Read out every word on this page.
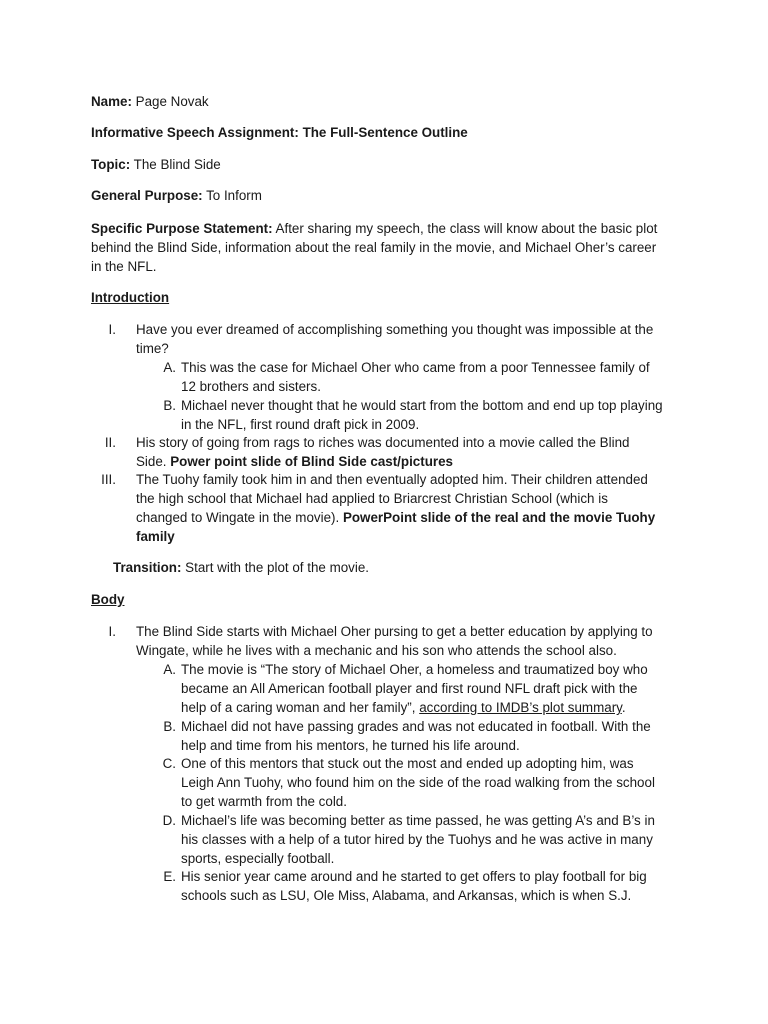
Name: Page Novak
Informative Speech Assignment: The Full-Sentence Outline
Topic: The Blind Side
General Purpose: To Inform
Specific Purpose Statement: After sharing my speech, the class will know about the basic plot
behind the Blind Side, information about the real family in the movie, and Michael Oher’s career
in the NFL.
Introduction
I. Have you ever dreamed of accomplishing something you thought was impossible at the
time?
A. This was the case for Michael Oher who came from a poor Tennessee family of
12 brothers and sisters.
B. Michael never thought that he would start from the bottom and end up top playing
in the NFL, first round draft pick in 2009.
II. His story of going from rags to riches was documented into a movie called the Blind
Side. Power point slide of Blind Side cast/pictures
III. The Tuohy family took him in and then eventually adopted him. Their children attended
the high school that Michael had applied to Briarcrest Christian School (which is
changed to Wingate in the movie). PowerPoint slide of the real and the movie Tuohy
family
Transition: Start with the plot of the movie.
Body
I. The Blind Side starts with Michael Oher pursing to get a better education by applying to
Wingate, while he lives with a mechanic and his son who attends the school also.
A. The movie is “The story of Michael Oher, a homeless and traumatized boy who
became an All American football player and first round NFL draft pick with the
help of a caring woman and her family”, according to IMDB’s plot summary.
B. Michael did not have passing grades and was not educated in football. With the
help and time from his mentors, he turned his life around.
C. One of this mentors that stuck out the most and ended up adopting him, was
Leigh Ann Tuohy, who found him on the side of the road walking from the school
to get warmth from the cold.
D. Michael’s life was becoming better as time passed, he was getting A’s and B’s in
his classes with a help of a tutor hired by the Tuohys and he was active in many
sports, especially football.
E. His senior year came around and he started to get offers to play football for big
schools such as LSU, Ole Miss, Alabama, and Arkansas, which is when S.J.
